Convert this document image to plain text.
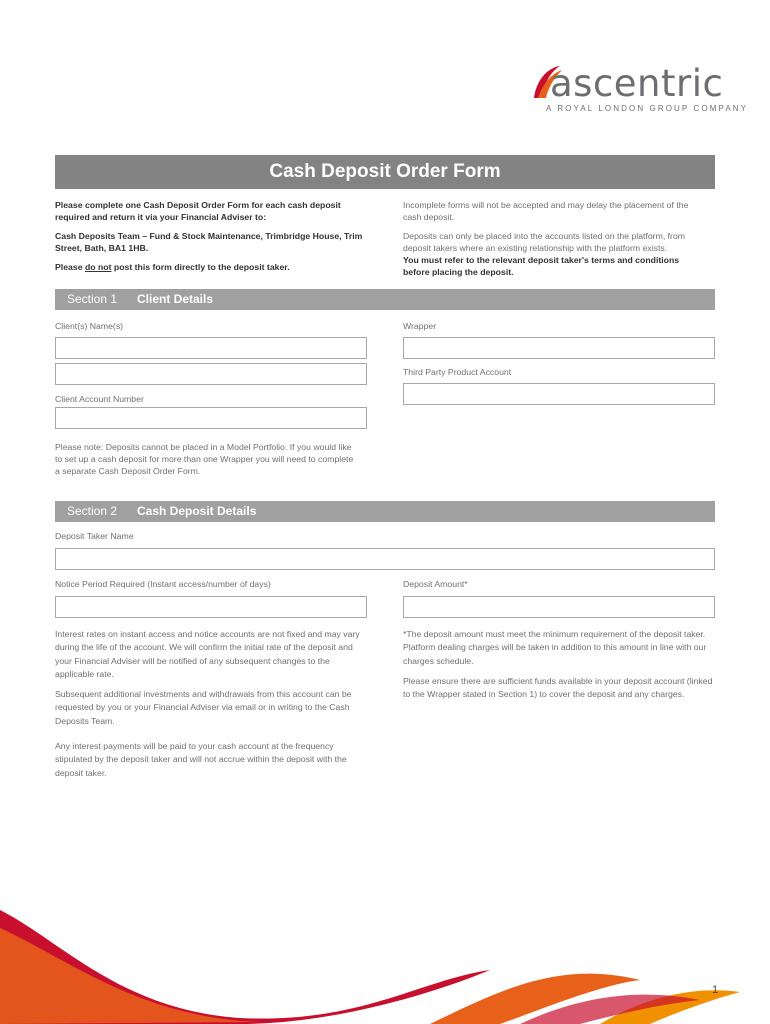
ascentric
A ROYAL LONDON GROUP COMPANY
Cash Deposit Order Form
Please complete one Cash Deposit Order Form for each cash deposit required and return it via your Financial Adviser to:
Cash Deposits Team – Fund & Stock Maintenance, Trimbridge House, Trim Street, Bath, BA1 1HB.
Please do not post this form directly to the deposit taker.
Incomplete forms will not be accepted and may delay the placement of the cash deposit.
Deposits can only be placed into the accounts listed on the platform, from deposit takers where an existing relationship with the platform exists.
You must refer to the relevant deposit taker's terms and conditions before placing the deposit.
Section 1 Client Details
Client(s) Name(s)	Wrapper
Third Party Product Account
Client Account Number
Please note: Deposits cannot be placed in a Model Portfolio. If you would like to set up a cash deposit for more than one Wrapper you will need to complete a separate Cash Deposit Order Form.
Section 2 Cash Deposit Details
Deposit Taker Name
Notice Period Required (Instant access/number of days)	Deposit Amount*
Interest rates on instant access and notice accounts are not fixed and may vary during the life of the account. We will confirm the initial rate of the deposit and your Financial Adviser will be notified of any subsequent changes to the applicable rate.
Subsequent additional investments and withdrawals from this account can be requested by you or your Financial Adviser via email or in writing to the Cash Deposits Team.
Any interest payments will be paid to your cash account at the frequency stipulated by the deposit taker and will not accrue within the deposit with the deposit taker.
*The deposit amount must meet the minimum requirement of the deposit taker. Platform dealing charges will be taken in addition to this amount in line with our charges schedule.
Please ensure there are sufficient funds available in your deposit account (linked to the Wrapper stated in Section 1) to cover the deposit and any charges.
1
